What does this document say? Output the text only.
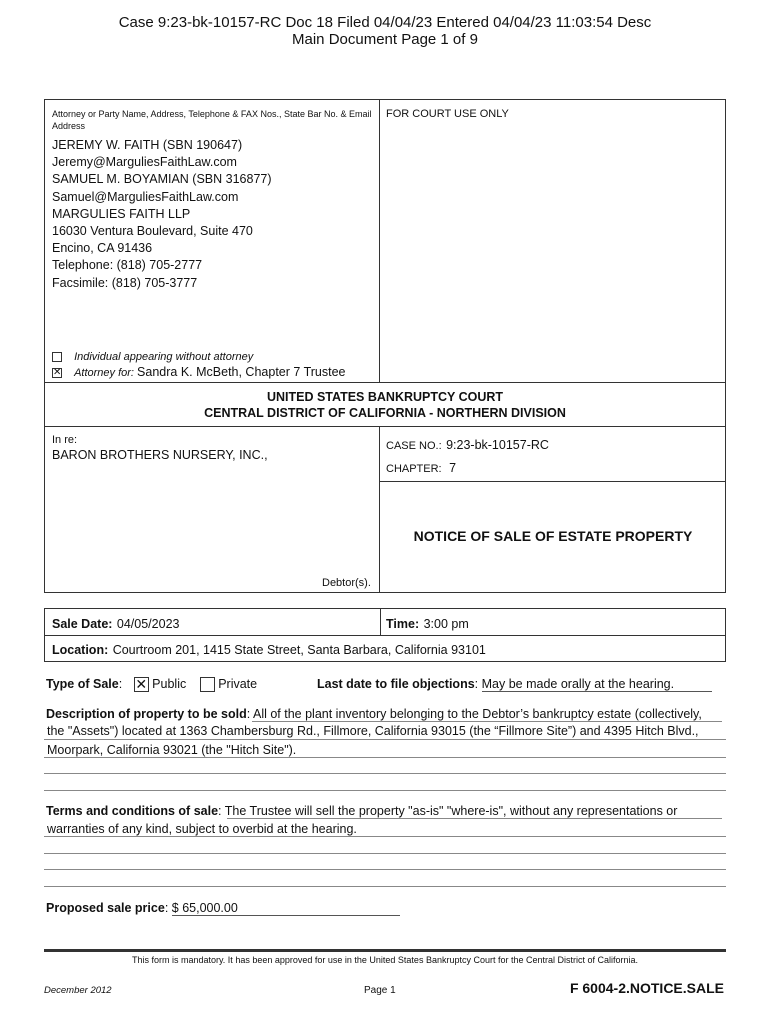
Case 9:23-bk-10157-RC Doc 18 Filed 04/04/23 Entered 04/04/23 11:03:54 Desc
Main Document Page 1 of 9
Attorney or Party Name, Address, Telephone & FAX Nos., State Bar No. & Email Address
JEREMY W. FAITH (SBN 190647)
Jeremy@MarguliesFaithLaw.com
SAMUEL M. BOYAMIAN (SBN 316877)
Samuel@MarguliesFaithLaw.com
MARGULIES FAITH LLP
16030 Ventura Boulevard, Suite 470
Encino, CA 91436
Telephone: (818) 705-2777
Facsimile: (818) 705-3777
Individual appearing without attorney
✕ Attorney for: Sandra K. McBeth, Chapter 7 Trustee
FOR COURT USE ONLY
UNITED STATES BANKRUPTCY COURT
CENTRAL DISTRICT OF CALIFORNIA - NORTHERN DIVISION
In re:
BARON BROTHERS NURSERY, INC.,
Debtor(s).
CASE NO.: 9:23-bk-10157-RC
CHAPTER: 7
NOTICE OF SALE OF ESTATE PROPERTY
Sale Date: 04/05/2023	Time: 3:00 pm
Location: Courtroom 201, 1415 State Street, Santa Barbara, California 93101
Type of Sale: ✕ Public	Private	Last date to file objections: May be made orally at the hearing.
Description of property to be sold: All of the plant inventory belonging to the Debtor’s bankruptcy estate (collectively,
the "Assets") located at 1363 Chambersburg Rd., Fillmore, California 93015 (the “Fillmore Site”) and 4395 Hitch Blvd.,
Moorpark, California 93021 (the "Hitch Site").
Terms and conditions of sale: The Trustee will sell the property "as-is" "where-is", without any representations or
warranties of any kind, subject to overbid at the hearing.
Proposed sale price: $ 65,000.00
This form is mandatory. It has been approved for use in the United States Bankruptcy Court for the Central District of California.
December 2012	Page 1	F 6004-2.NOTICE.SALE
